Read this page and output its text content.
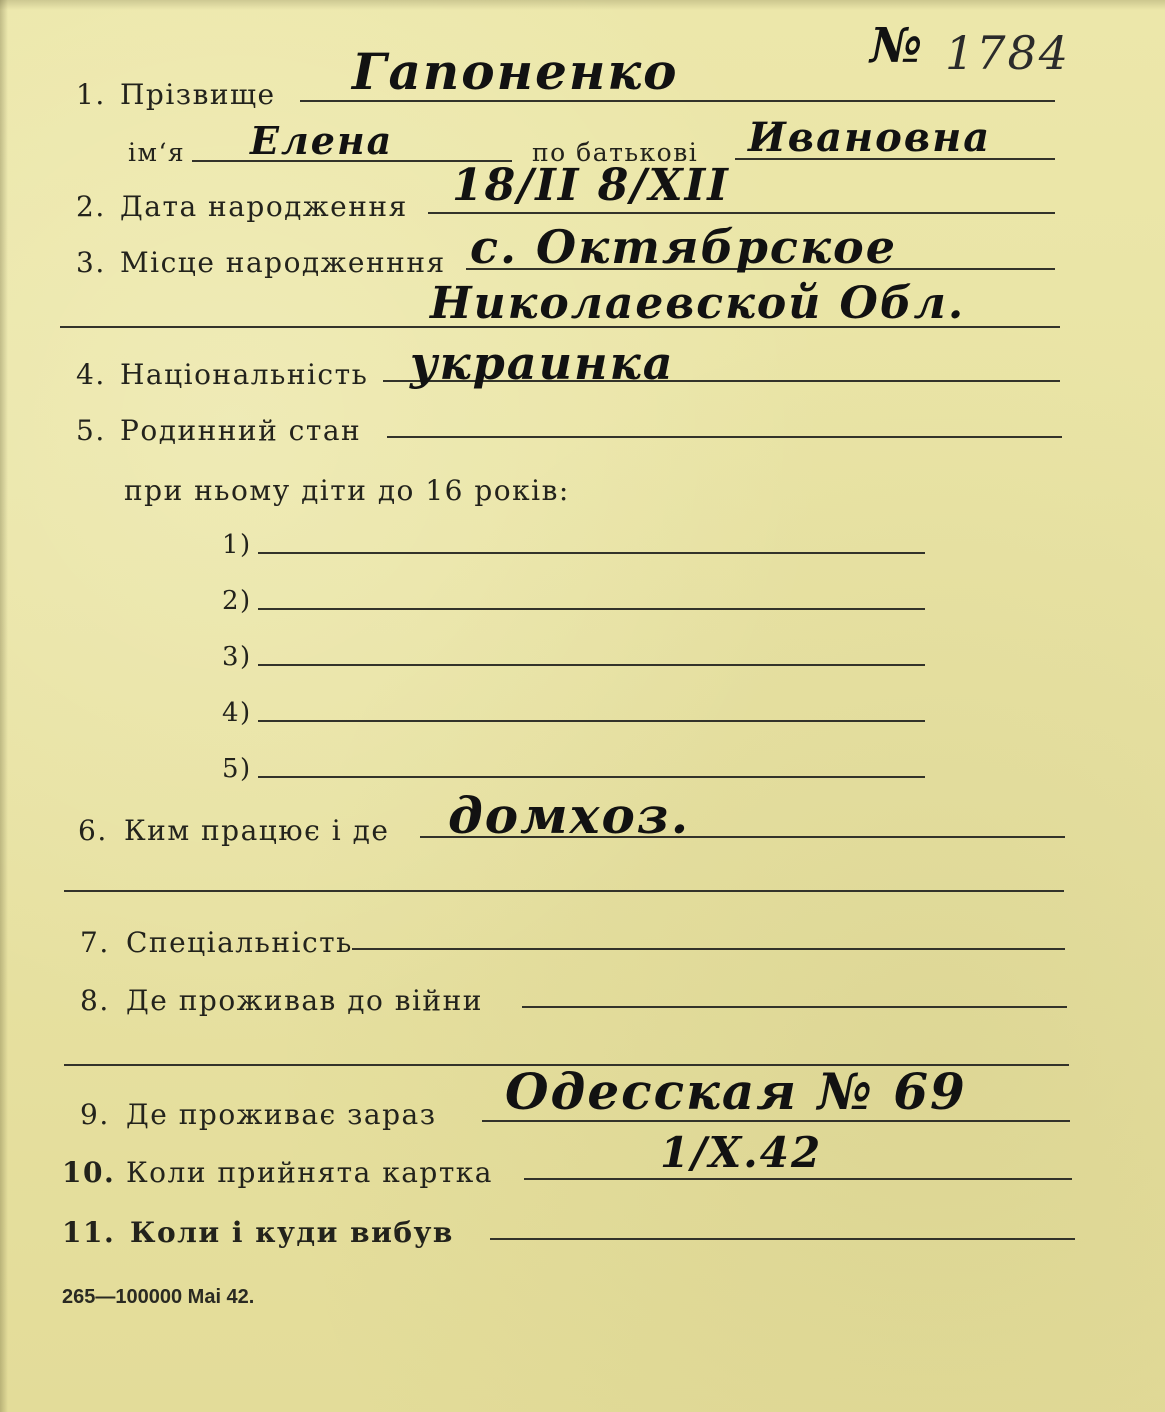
№ 1784
1. Прізвище Гапоненко
ім‘я Елена	по батькові Ивановна
2. Дата народження 18/II 8/XII
3. Місце народженння с. Октябрское
Николаевской Обл.
4. Національність украинка
5. Родинний стан
при ньому діти до 16 років:
1)
2)
3)
4)
5)
6. Ким працює і де домхоз.
7. Спеціальність
8. Де проживав до війни
9. Де проживає зараз Одесская № 69
10. Коли прийнята картка	1/X.42
11. Коли і куди вибув
265—100000 Mai 42.
